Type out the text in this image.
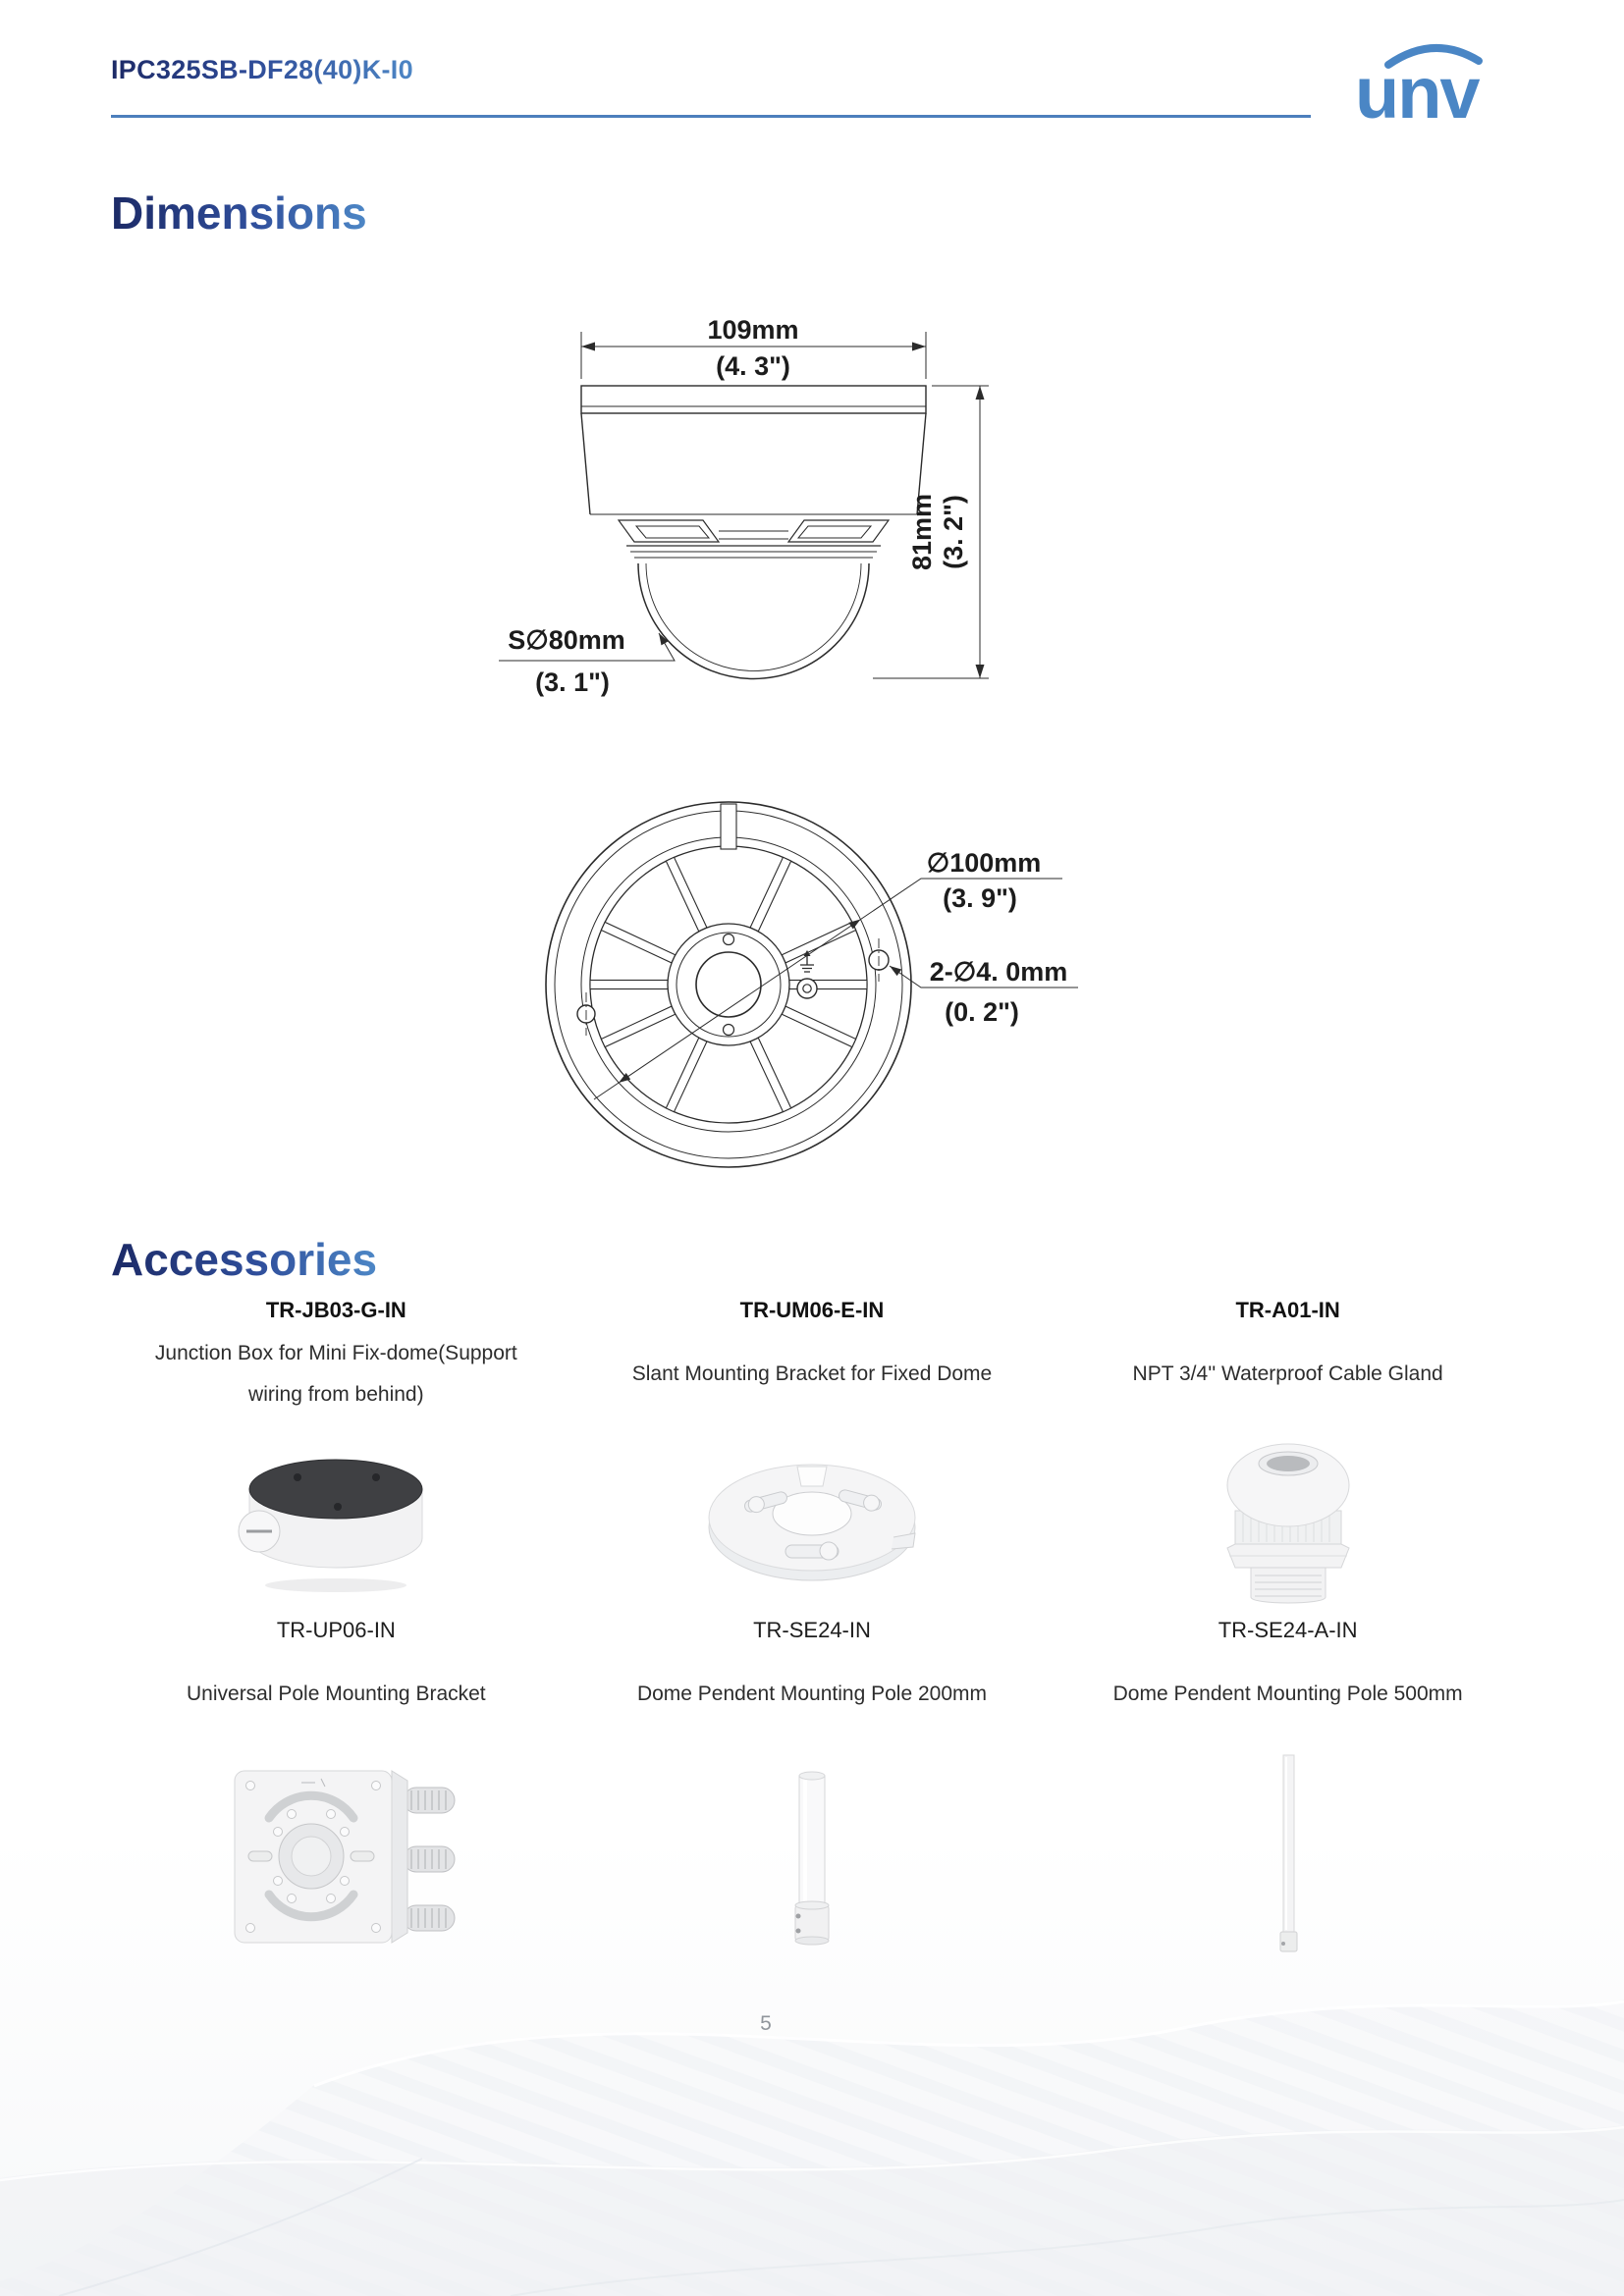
IPC325SB-DF28(40)K-I0	unv
Dimensions
109mm
(4. 3")
81mm (3. 2")
S∅80mm
(3. 1")
∅100mm
(3. 9")
2-∅4. 0mm
(0. 2")
Accessories
TR-JB03-G-IN
Junction Box for Mini Fix-dome(Support wiring from behind)
TR-UM06-E-IN
Slant Mounting Bracket for Fixed Dome
TR-A01-IN
NPT 3/4'' Waterproof Cable Gland
TR-UP06-IN
Universal Pole Mounting Bracket
TR-SE24-IN
Dome Pendent Mounting Pole 200mm
TR-SE24-A-IN
Dome Pendent Mounting Pole 500mm
5
